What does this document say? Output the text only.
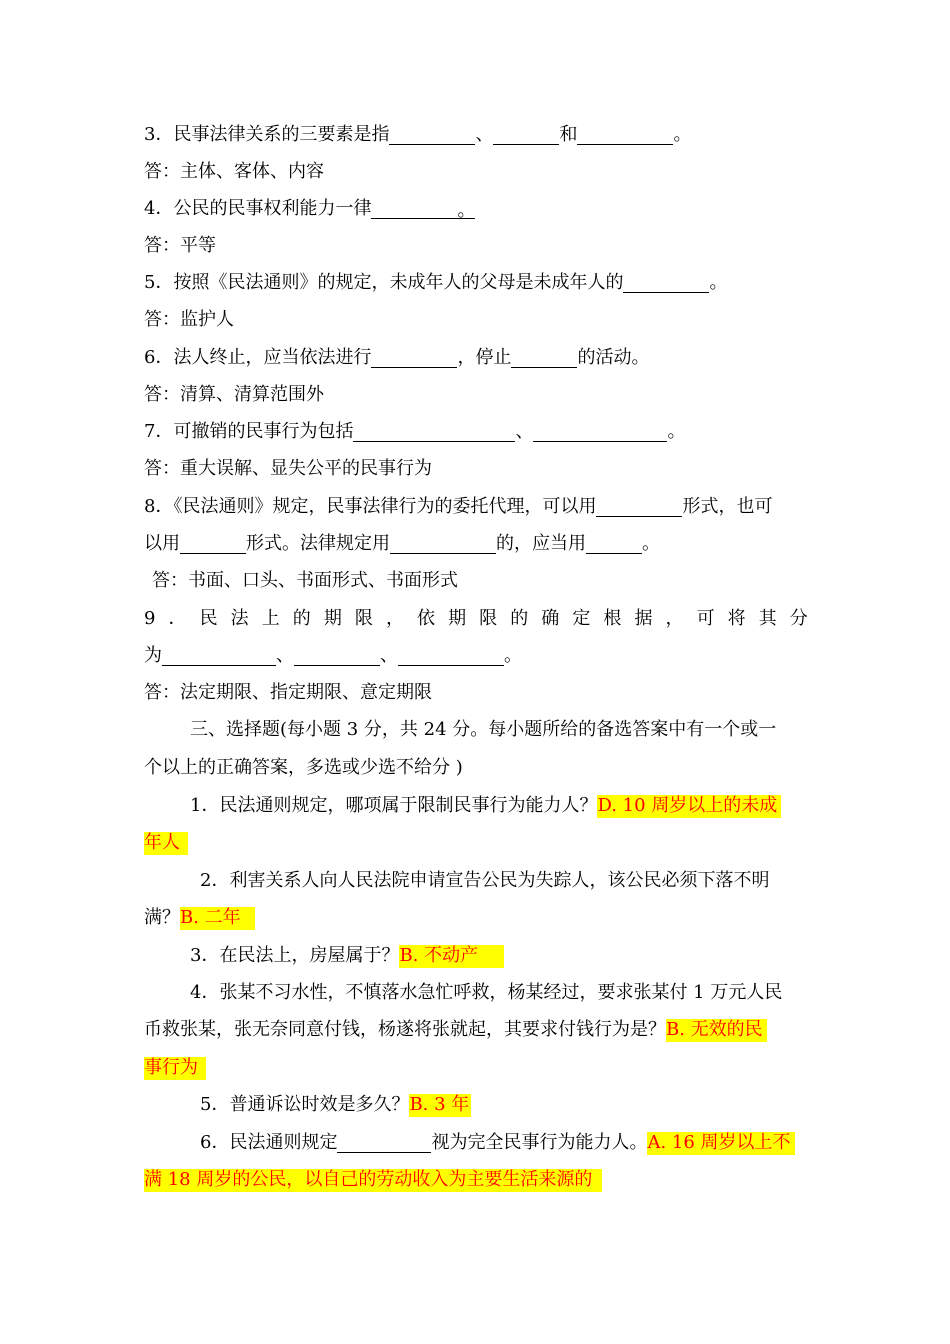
3．民事法律关系的三要素是指	、	和	。
答：主体、客体、内容
4．公民的民事权利能力一律	。
答：平等
5．按照《民法通则》的规定，未成年人的父母是未成年人的	。
答：监护人
6．法人终止，应当依法进行	，停止	的活动。
答：清算、清算范围外
7．可撤销的民事行为包括	、	。
答：重大误解、显失公平的民事行为
8．《民法通则》规定，民事法律行为的委托代理，可以用	形式，也可
以用	形式。法律规定用	的，应当用	。
答：书面、口头、书面形式、书面形式
9 ． 民 法 上 的 期 限 ， 依 期 限 的 确 定 根 据 ， 可 将 其 分
为	、	、	。
答：法定期限、指定期限、意定期限
三、选择题(每小题 3 分，共 24 分。每小题所给的备选答案中有一个或一
个以上的正确答案，多选或少选不给分 )
1．民法通则规定，哪项属于限制民事行为能力人？D. 10 周岁以上的未成
年人
2．利害关系人向人民法院申请宣告公民为失踪人，该公民必须下落不明
满？B. 二年
3．在民法上，房屋属于？B. 不动产
4．张某不习水性，不慎落水急忙呼救，杨某经过，要求张某付 1 万元人民
币救张某，张无奈同意付钱，杨遂将张就起，其要求付钱行为是？B. 无效的民
事行为
5．普通诉讼时效是多久？B. 3 年
6．民法通则规定	视为完全民事行为能力人。A. 16 周岁以上不
满 18 周岁的公民，以自己的劳动收入为主要生活来源的
